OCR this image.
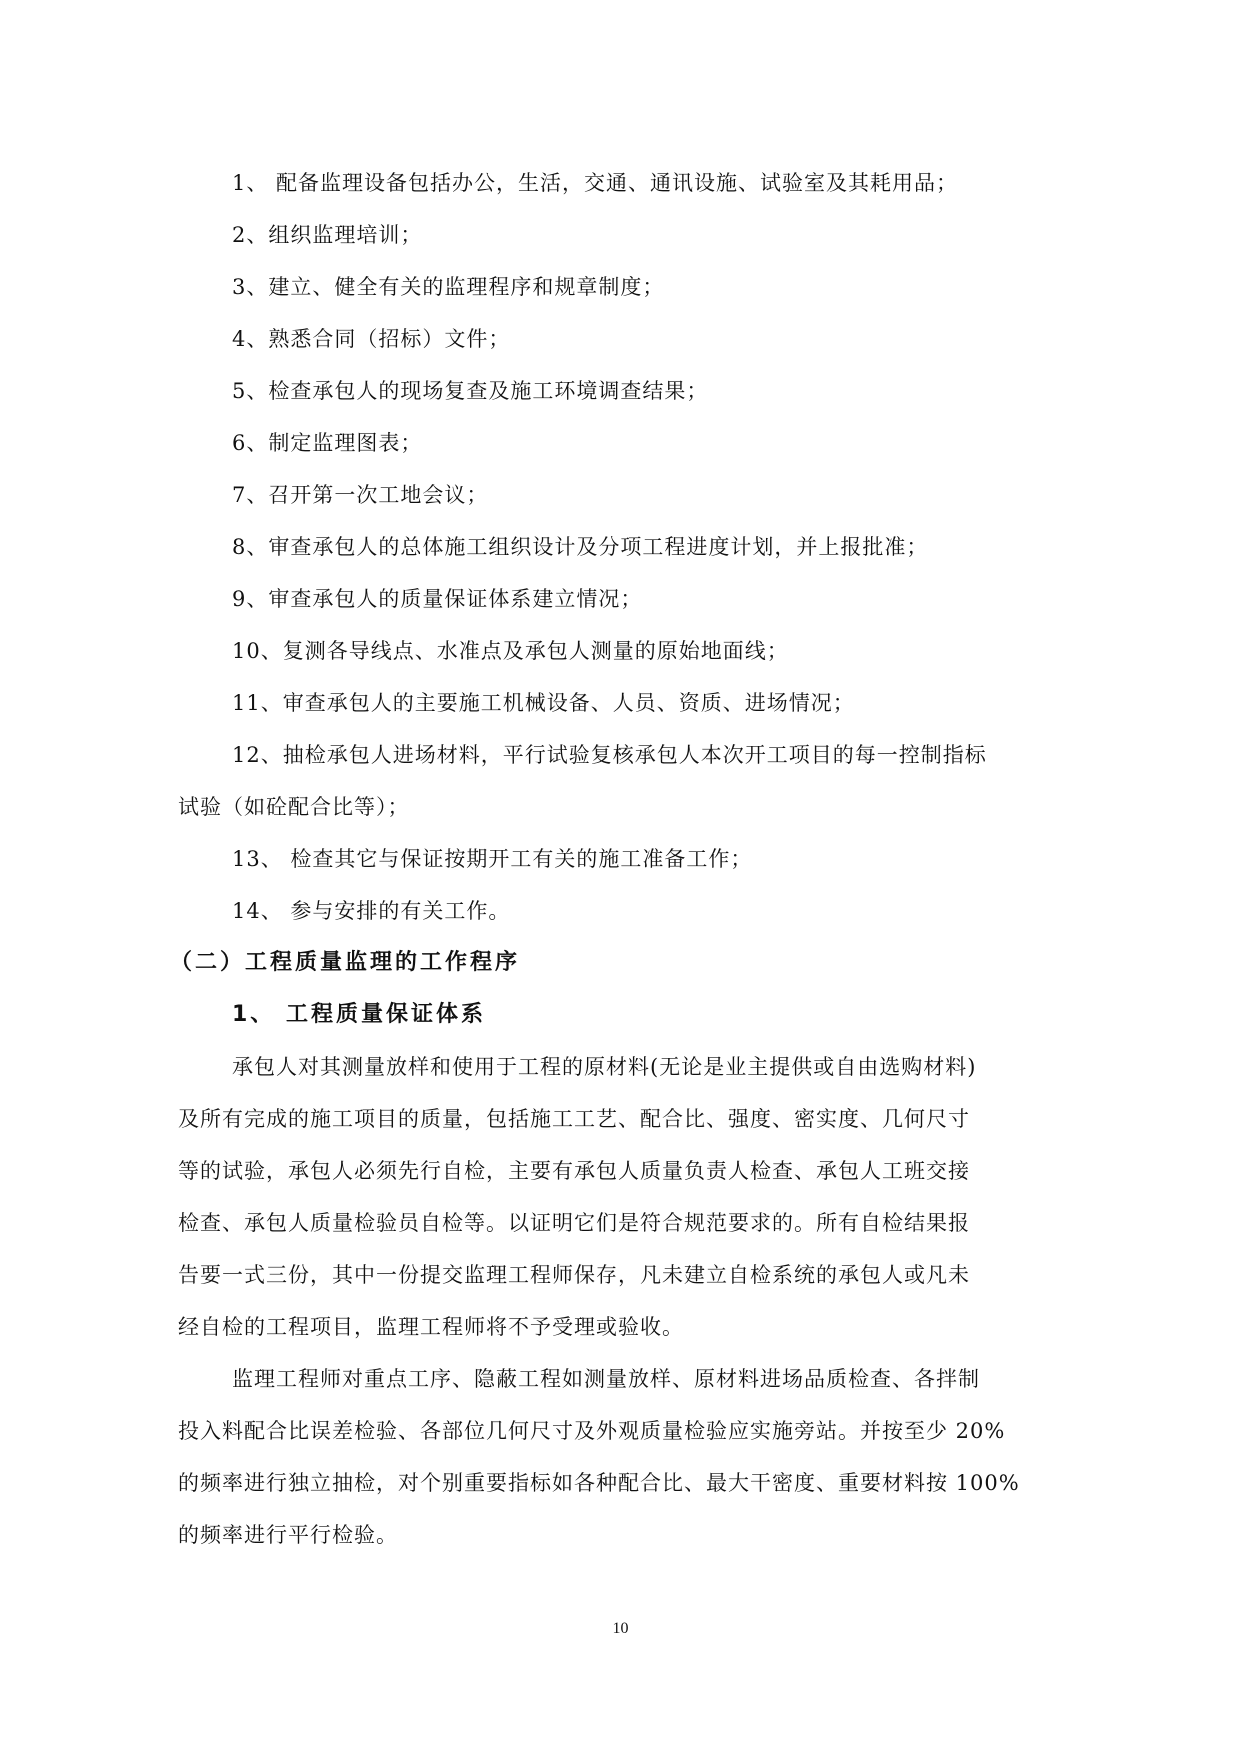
1、 配备监理设备包括办公，生活，交通、通讯设施、试验室及其耗用品；
2、组织监理培训；
3、建立、健全有关的监理程序和规章制度；
4、熟悉合同（招标）文件；
5、检查承包人的现场复查及施工环境调查结果；
6、制定监理图表；
7、召开第一次工地会议；
8、审查承包人的总体施工组织设计及分项工程进度计划，并上报批准；
9、审查承包人的质量保证体系建立情况；
10、复测各导线点、水准点及承包人测量的原始地面线；
11、审查承包人的主要施工机械设备、人员、资质、进场情况；
12、抽检承包人进场材料，平行试验复核承包人本次开工项目的每一控制指标
试验（如砼配合比等）；
13、 检查其它与保证按期开工有关的施工准备工作；
14、 参与安排的有关工作。
（二）工程质量监理的工作程序
1、 工程质量保证体系
承包人对其测量放样和使用于工程的原材料(无论是业主提供或自由选购材料)
及所有完成的施工项目的质量，包括施工工艺、配合比、强度、密实度、几何尺寸
等的试验，承包人必须先行自检，主要有承包人质量负责人检查、承包人工班交接
检查、承包人质量检验员自检等。以证明它们是符合规范要求的。所有自检结果报
告要一式三份，其中一份提交监理工程师保存，凡未建立自检系统的承包人或凡未
经自检的工程项目，监理工程师将不予受理或验收。
监理工程师对重点工序、隐蔽工程如测量放样、原材料进场品质检查、各拌制
投入料配合比误差检验、各部位几何尺寸及外观质量检验应实施旁站。并按至少 20%
的频率进行独立抽检，对个别重要指标如各种配合比、最大干密度、重要材料按 100%
的频率进行平行检验。
10
